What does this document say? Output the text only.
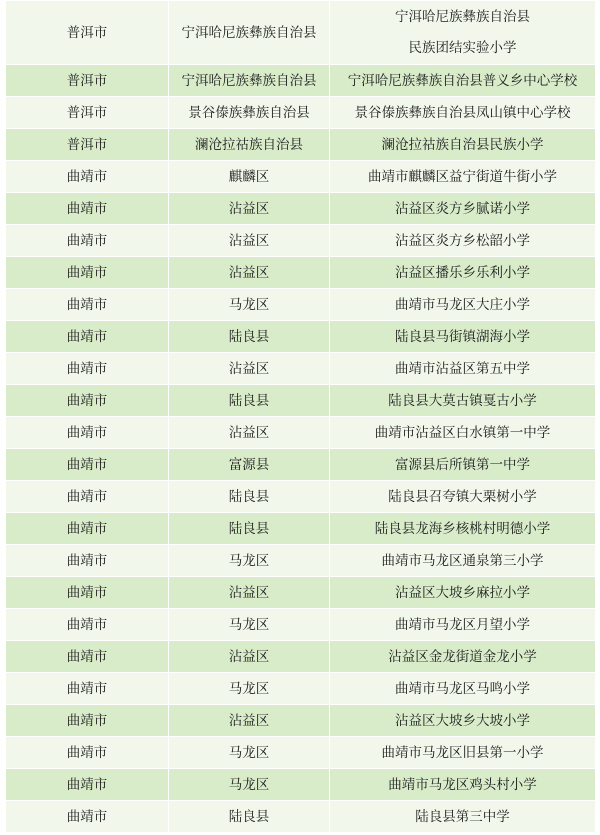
普洱市	宁洱哈尼族彝族自治县	宁洱哈尼族彝族自治县
民族团结实验小学

普洱市	宁洱哈尼族彝族自治县	宁洱哈尼族彝族自治县普义乡中心学校
普洱市	景谷傣族彝族自治县	景谷傣族彝族自治县凤山镇中心学校
普洱市	澜沧拉祜族自治县	澜沧拉祜族自治县民族小学
曲靖市	麒麟区	曲靖市麒麟区益宁街道牛街小学
曲靖市	沾益区	沾益区炎方乡腻诺小学
曲靖市	沾益区	沾益区炎方乡松韶小学
曲靖市	沾益区	沾益区播乐乡乐利小学
曲靖市	马龙区	曲靖市马龙区大庄小学
曲靖市	陆良县	陆良县马街镇湖海小学
曲靖市	沾益区	曲靖市沾益区第五中学
曲靖市	陆良县	陆良县大莫古镇戛古小学
曲靖市	沾益区	曲靖市沾益区白水镇第一中学
曲靖市	富源县	富源县后所镇第一中学
曲靖市	陆良县	陆良县召夸镇大栗树小学
曲靖市	陆良县	陆良县龙海乡核桃村明德小学
曲靖市	马龙区	曲靖市马龙区通泉第三小学
曲靖市	沾益区	沾益区大坡乡麻拉小学
曲靖市	马龙区	曲靖市马龙区月望小学
曲靖市	沾益区	沾益区金龙街道金龙小学
曲靖市	马龙区	曲靖市马龙区马鸣小学
曲靖市	沾益区	沾益区大坡乡大坡小学
曲靖市	马龙区	曲靖市马龙区旧县第一小学
曲靖市	马龙区	曲靖市马龙区鸡头村小学
曲靖市	陆良县	陆良县第三中学
